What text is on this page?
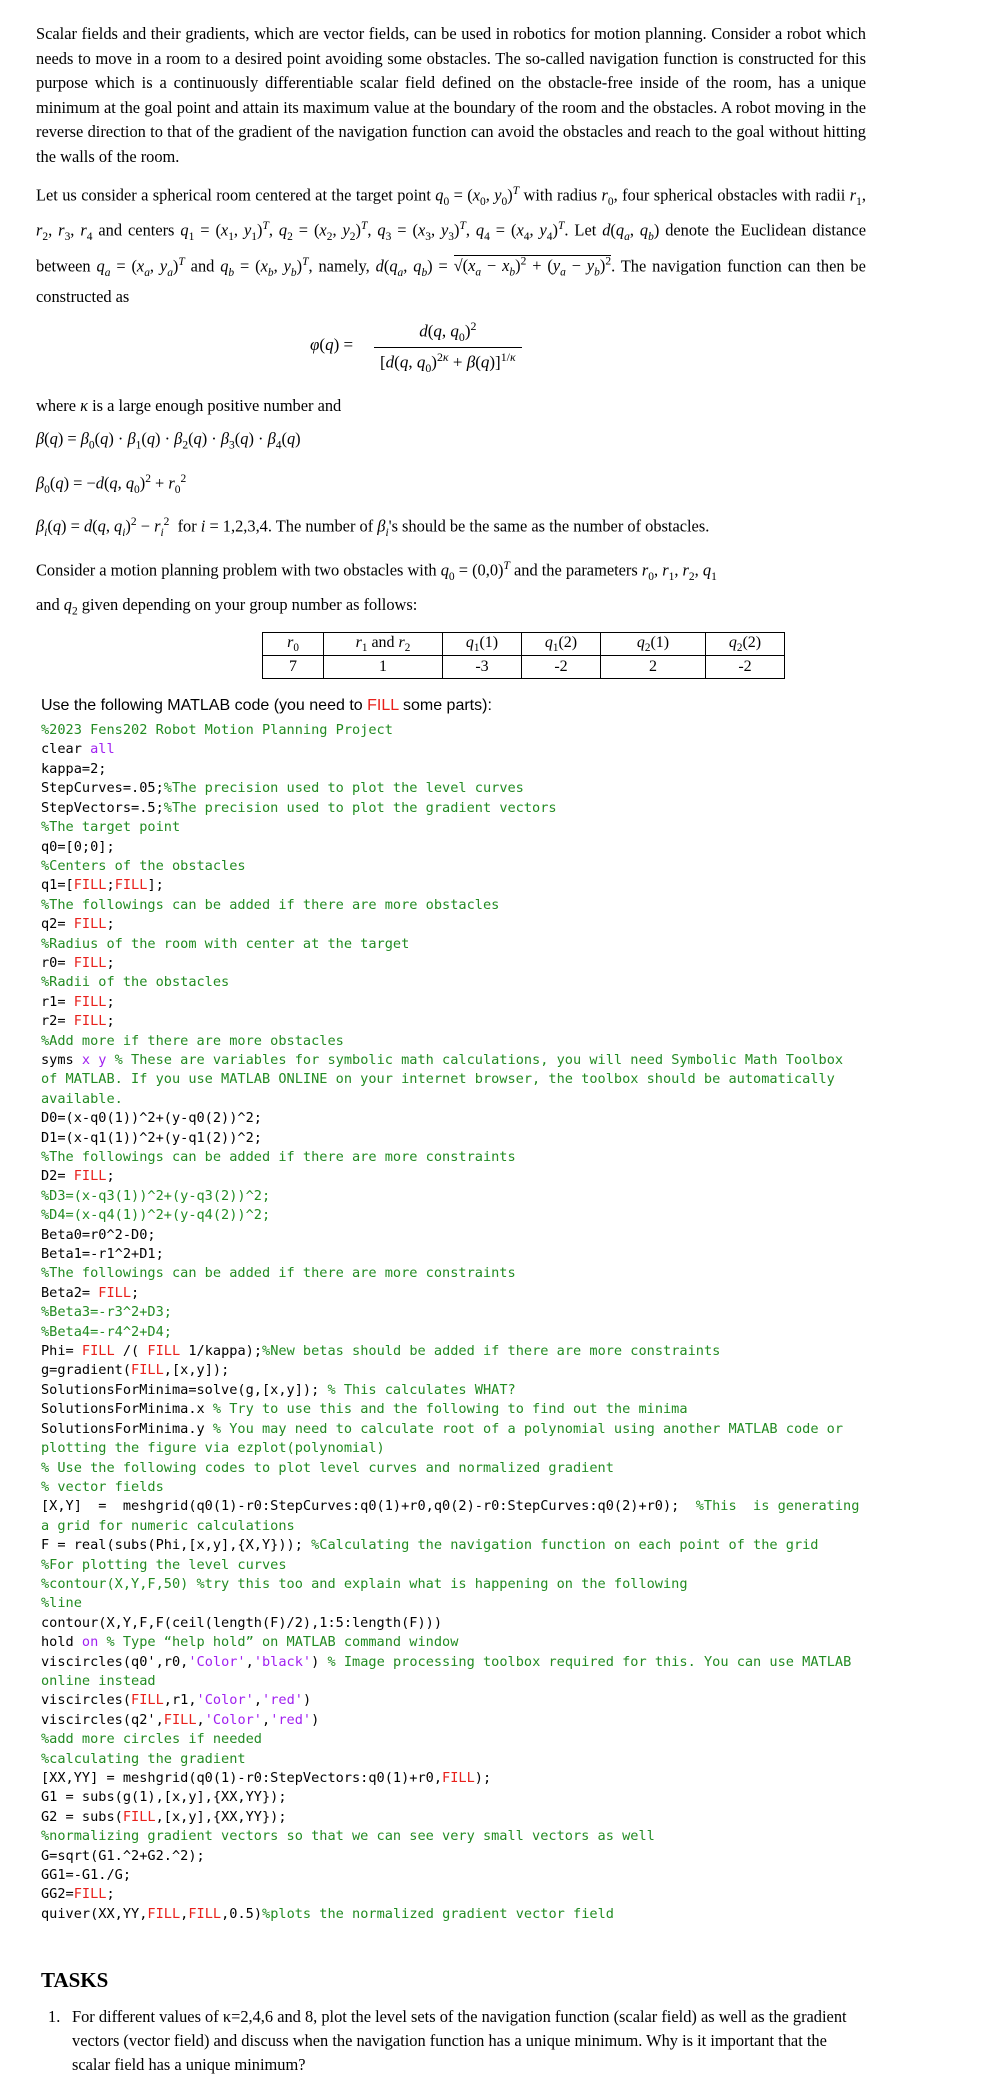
Scalar fields and their gradients, which are vector fields, can be used in robotics for motion planning. Consider a robot which needs to move in a room to a desired point avoiding some obstacles. The so-called navigation function is constructed for this purpose which is a continuously differentiable scalar field defined on the obstacle-free inside of the room, has a unique minimum at the goal point and attain its maximum value at the boundary of the room and the obstacles. A robot moving in the reverse direction to that of the gradient of the navigation function can avoid the obstacles and reach to the goal without hitting the walls of the room.

Let us consider a spherical room centered at the target point $q_0 = (x_0$, $y_0)^T$ with radius $r_0$, four spherical obstacles with radii $r_1$, $r_2$, $r_3$, $r_4$ and centers $q_1 = (x_1$, $y_1)^T$, $q_2 = (x_2$, $y_2)^T$, $q_3 = (x_3$, $y_3)^T$, $q_4 = (x_4$, $y_4)^T$. Let $d(q_a$, $q_b$) denote the Euclidean distance between $q_a = (x_a$, $y_a)^T$ and $q_b = (x_b$, $y_b)^T$, namely, $d(q_a$, $q_b) = √(x_a - x_b)^2 + (y_a - y_b)^2$. The navigation function can then be constructed as

$\varphi(q) = \frac{d(q, q_0)^2}{[d(q, q_0)^{2\kappa} + \beta(q)]^{1/\kappa}}$

where κ is a large enough positive number and

$\beta(q) = \beta_0(q) \cdot \beta_1(q) \cdot \beta_2(q) \cdot \beta_3(q) \cdot \beta_4(q)$

$\beta_0(q) = -d(q$, $q_0)^2 + r_0^2$

$\beta_i(q) = d(q$, $q_i)^2 - r_i^2$  for i = 1,2,3,4. The number of $\beta_i's$ should be the same as the number of obstacles.

Consider a motion planning problem with two obstacles with $q_0 = (0,0)^T$ and the parameters $r_0$, $r_1$, $r_2$, $q_1$

and $q_2$ given depending on your group number as follows:

$r_0$	$r_1$ and $r_2$	$q_1(1)$	$q_1(2)$	$q_2(1)$	$q_2(2)$
7	1	-3	-2	2	-2
Use the following MATLAB code (you need to FILL some parts):
%2023 Fens202 Robot Motion Planning Project
clear all
kappa=2;
StepCurves=.05;%The precision used to plot the level curves
StepVectors=.5;%The precision used to plot the gradient vectors
%The target point
q0=[0;0];
%Centers of the obstacles
q1=[FILL;FILL];
%The followings can be added if there are more obstacles
q2= FILL;
%Radius of the room with center at the target
r0= FILL;
%Radii of the obstacles
r1= FILL;
r2= FILL;
%Add more if there are more obstacles
syms x y % These are variables for symbolic math calculations, you will need Symbolic Math Toolbox of MATLAB. If you use MATLAB ONLINE on your internet browser, the toolbox should be automatically available.
D0=(x-q0(1))^2+(y-q0(2))^2;
D1=(x-q1(1))^2+(y-q1(2))^2;
%The followings can be added if there are more constraints
D2= FILL;
%D3=(x-q3(1))^2+(y-q3(2))^2;
%D4=(x-q4(1))^2+(y-q4(2))^2;
Beta0=r0^2-D0;
Beta1=-r1^2+D1;
%The followings can be added if there are more constraints
Beta2= FILL;
%Beta3=-r3^2+D3;
%Beta4=-r4^2+D4;
Phi= FILL /( FILL 1/kappa);%New betas should be added if there are more constraints
g=gradient(FILL,[x,y]);
SolutionsForMinima=solve(g,[x,y]); % This calculates WHAT?
SolutionsForMinima.x % Try to use this and the following to find out the minima
SolutionsForMinima.y % You may need to calculate root of a polynomial using another MATLAB code or plotting the figure via ezplot(polynomial)
% Use the following codes to plot level curves and normalized gradient
% vector fields
[X,Y]  =  meshgrid(q0(1)-r0:StepCurves:q0(1)+r0,q0(2)-r0:StepCurves:q0(2)+r0);  %This  is generating a grid for numeric calculations
F = real(subs(Phi,[x,y],{X,Y})); %Calculating the navigation function on each point of the grid
%For plotting the level curves
%contour(X,Y,F,50) %try this too and explain what is happening on the following
%line
contour(X,Y,F,F(ceil(length(F)/2),1:5:length(F)))
hold on % Type “help hold” on MATLAB command window
viscircles(q0',r0,'Color','black') % Image processing toolbox required for this. You can use MATLAB online instead
viscircles(FILL,r1,'Color','red')
viscircles(q2',FILL,'Color','red')
%add more circles if needed
%calculating the gradient
[XX,YY] = meshgrid(q0(1)-r0:StepVectors:q0(1)+r0,FILL);
G1 = subs(g(1),[x,y],{XX,YY});
G2 = subs(FILL,[x,y],{XX,YY});
%normalizing gradient vectors so that we can see very small vectors as well
G=sqrt(G1.^2+G2.^2);
GG1=-G1./G;
GG2=FILL;
quiver(XX,YY,FILL,FILL,0.5)%plots the normalized gradient vector field
TASKS
1. For different values of κ=2,4,6 and 8, plot the level sets of the navigation function (scalar field) as well as the gradient vectors (vector field) and discuss when the navigation function has a unique minimum. Why is it important that the scalar field has a unique minimum?
